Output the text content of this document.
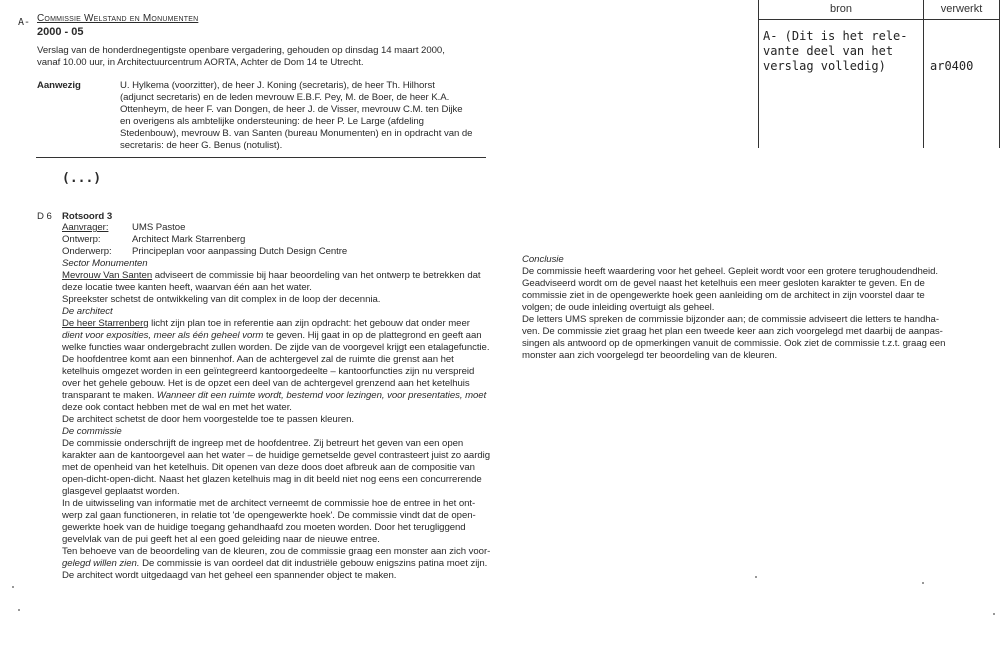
A- Commissie Welstand en Monumenten
2000 - 05
Verslag van de honderdnegentigste openbare vergadering, gehouden op dinsdag 14 maart 2000,
vanaf 10.00 uur, in Architectuurcentrum AORTA, Achter de Dom 14 te Utrecht.
Aanwezig	U. Hylkema (voorzitter), de heer J. Koning (secretaris), de heer Th. Hilhorst
(adjunct secretaris) en de leden mevrouw E.B.F. Pey, M. de Boer, de heer K.A.
Ottenheym, de heer F. van Dongen, de heer J. de Visser, mevrouw C.M. ten Dijke
en overigens als ambtelijke ondersteuning: de heer P. Le Large (afdeling
Stedenbouw), mevrouw B. van Santen (bureau Monumenten) en in opdracht van de
secretaris: de heer G. Benus (notulist).
(...)
bron	verwerkt
A- (Dit is het rele-
vante deel van het
verslag volledig)	ar0400
D 6 Rotsoord 3
Aanvrager: UMS Pastoe
Ontwerp:	Architect Mark Starrenberg
Onderwerp: Principeplan voor aanpassing Dutch Design Centre
Sector Monumenten
Mevrouw Van Santen adviseert de commissie bij haar beoordeling van het ontwerp te betrekken dat
deze locatie twee kanten heeft, waarvan één aan het water.
Spreekster schetst de ontwikkeling van dit complex in de loop der decennia.
De architect
De heer Starrenberg licht zijn plan toe in referentie aan zijn opdracht: het gebouw dat onder meer
dient voor exposities, meer als één geheel vorm te geven. Hij gaat in op de plattegrond en geeft aan
welke functies waar ondergebracht zullen worden. De zijde van de voorgevel krijgt een etalagefunctie.
De hoofdentree komt aan een binnenhof. Aan de achtergevel zal de ruimte die grenst aan het
ketelhuis omgezet worden in een geïntegreerd kantoorgedeelte – kantoorfuncties zijn nu verspreid
over het gehele gebouw. Het is de opzet een deel van de achtergevel grenzend aan het ketelhuis
transparant te maken. Wanneer dit een ruimte wordt, bestemd voor lezingen, voor presentaties, moet
deze ook contact hebben met de wal en met het water.
De architect schetst de door hem voorgestelde toe te passen kleuren.
De commissie
De commissie onderschrijft de ingreep met de hoofdentree. Zij betreurt het geven van een open
karakter aan de kantoorgevel aan het water – de huidige gemetselde gevel contrasteert juist zo aardig
met de openheid van het ketelhuis. Dit openen van deze doos doet afbreuk aan de compositie van
open-dicht-open-dicht. Naast het glazen ketelhuis mag in dit beeld niet nog eens een concurrerende
glasgevel geplaatst worden.
In de uitwisseling van informatie met de architect verneemt de commissie hoe de entree in het ont-
werp zal gaan functioneren, in relatie tot 'de opengewerkte hoek'. De commissie vindt dat de open-
gewerkte hoek van de huidige toegang gehandhaafd zou moeten worden. Door het terugliggend
gevelvlak van de pui geeft het al een goed geleiding naar de nieuwe entree.
Ten behoeve van de beoordeling van de kleuren, zou de commissie graag een monster aan zich voor-
gelegd willen zien. De commissie is van oordeel dat dit industriële gebouw enigszins patina moet zijn.
De architect wordt uitgedaagd van het geheel een spannender object te maken.
Conclusie
De commissie heeft waardering voor het geheel. Gepleit wordt voor een grotere terughoudendheid.
Geadviseerd wordt om de gevel naast het ketelhuis een meer gesloten karakter te geven. En de
commissie ziet in de opengewerkte hoek geen aanleiding om de architect in zijn voorstel daar te
volgen; de oude inleiding overtuigt als geheel.
De letters UMS spreken de commissie bijzonder aan; de commissie adviseert die letters te handha-
ven. De commissie ziet graag het plan een tweede keer aan zich voorgelegd met daarbij de aanpas-
singen als antwoord op de opmerkingen vanuit de commissie. Ook ziet de commissie t.z.t. graag een
monster aan zich voorgelegd ter beoordeling van de kleuren.
